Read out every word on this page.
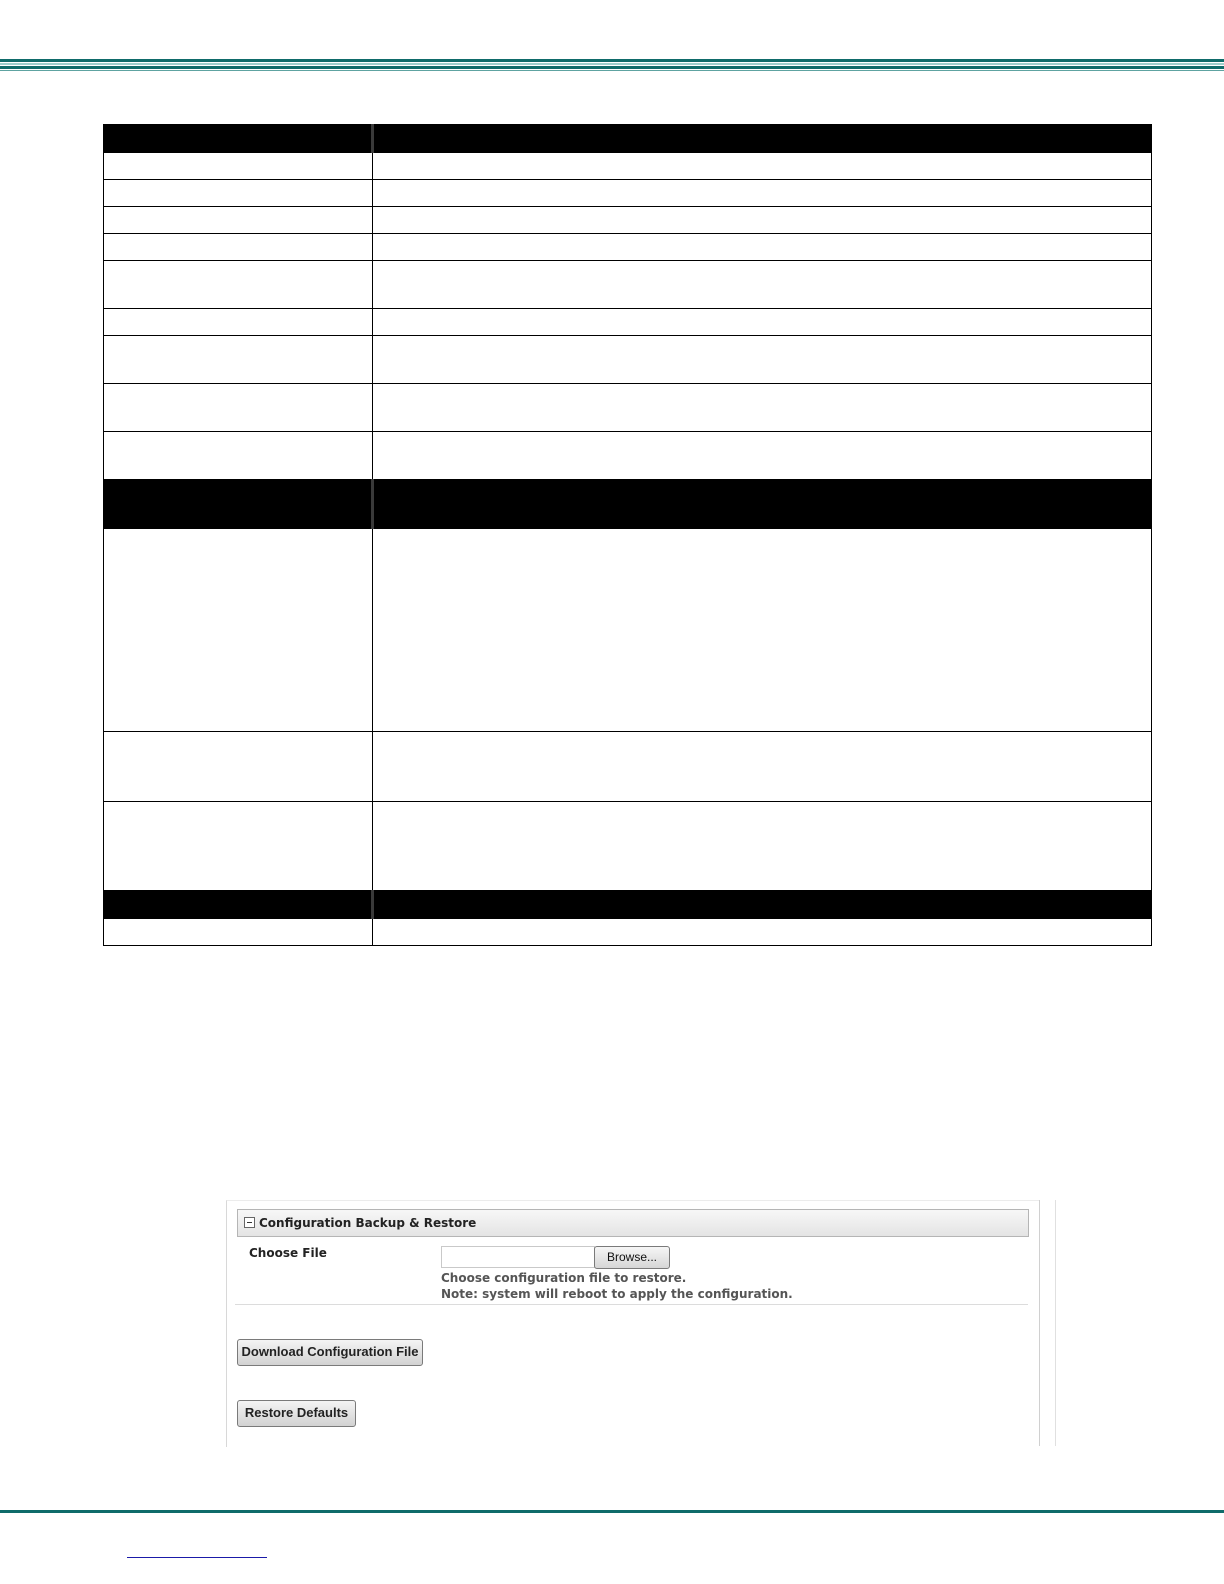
Configuration Backup & Restore
Choose File	Browse...
Choose configuration file to restore.
Note: system will reboot to apply the configuration.
Download Configuration File
Restore Defaults
